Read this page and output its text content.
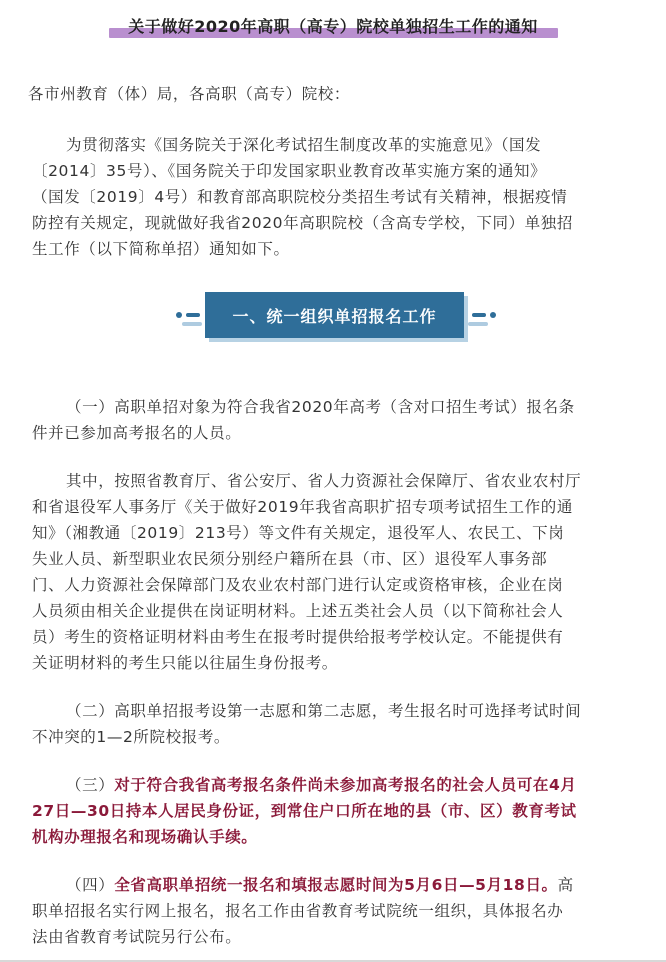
关于做好2020年高职（高专）院校单独招生工作的通知

各市州教育（体）局，各高职（高专）院校：

为贯彻落实《国务院关于深化考试招生制度改革的实施意见》（国发

〔2014〕35号）、《国务院关于印发国家职业教育改革实施方案的通知》

（国发〔2019〕4号）和教育部高职院校分类招生考试有关精神，根据疫情

防控有关规定，现就做好我省2020年高职院校（含高专学校，下同）单独招

生工作（以下简称单招）通知如下。

一、统一组织单招报名工作

（一）高职单招对象为符合我省2020年高考（含对口招生考试）报名条

件并已参加高考报名的人员。

其中，按照省教育厅、省公安厅、省人力资源社会保障厅、省农业农村厅

和省退役军人事务厅《关于做好2019年我省高职扩招专项考试招生工作的通

知》（湘教通〔2019〕213号）等文件有关规定，退役军人、农民工、下岗

失业人员、新型职业农民须分别经户籍所在县（市、区）退役军人事务部

门、人力资源社会保障部门及农业农村部门进行认定或资格审核，企业在岗

人员须由相关企业提供在岗证明材料。上述五类社会人员（以下简称社会人

员）考生的资格证明材料由考生在报考时提供给报考学校认定。不能提供有

关证明材料的考生只能以往届生身份报考。

（二）高职单招报考设第一志愿和第二志愿，考生报名时可选择考试时间

不冲突的1—2所院校报考。

（三）对于符合我省高考报名条件尚未参加高考报名的社会人员可在4月

27日—30日持本人居民身份证，到常住户口所在地的县（市、区）教育考试

机构办理报名和现场确认手续。

（四）全省高职单招统一报名和填报志愿时间为5月6日—5月18日。高

职单招报名实行网上报名，报名工作由省教育考试院统一组织，具体报名办

法由省教育考试院另行公布。
